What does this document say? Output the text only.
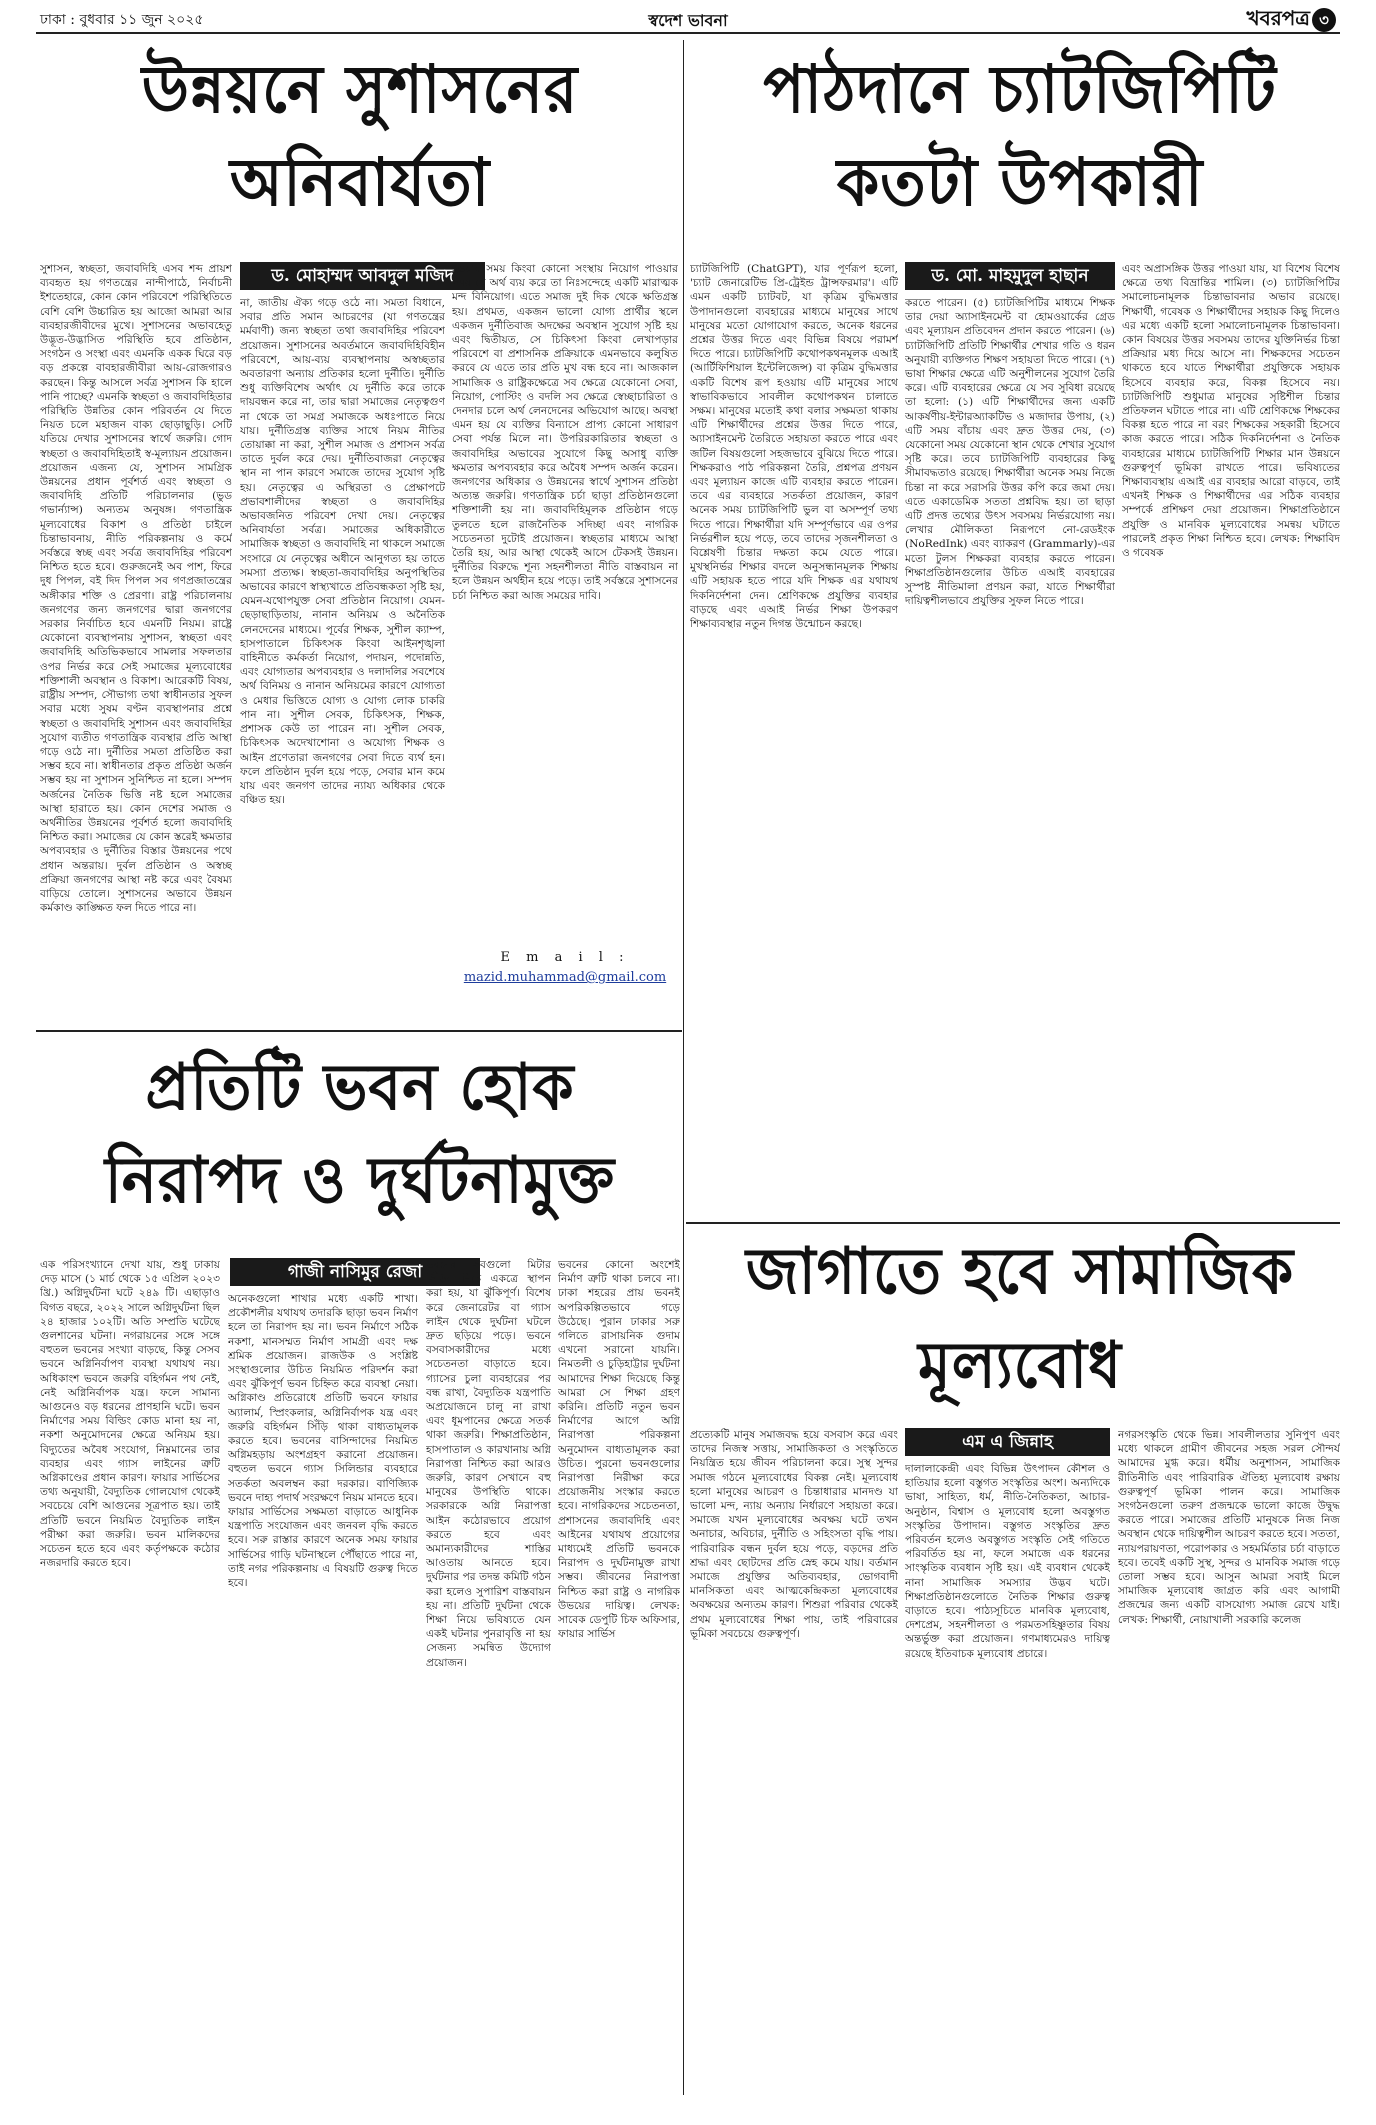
ঢাকা : বুধবার ১১ জুন ২০২৫	স্বদেশ ভাবনা	খবরপত্র ৩
উন্নয়নে সুশাসনের
অনিবার্যতা
ড. মোহাম্মদ আবদুল মজিদ
সুশাসন, স্বচ্ছতা, জবাবদিহি এসব শব্দ প্রায়শ ব্যবহৃত হয় গণতন্ত্রের নান্দীপাঠে, নির্বাচনী ইশতেহারে, কোন কোন পরিবেশে পরিস্থিতিতে বেশি বেশি উচ্চারিত হয় আজো আমরা আর ব্যবহারজীবীদের মুখে। সুশাসনের অভাবহেতু উদ্ভূত-উদ্ভাসিত পরিস্থিতি হবে প্রতিষ্ঠান, সংগঠন ও সংস্থা এবং এমনকি একক ঘিরে বড় বড় প্রকল্পে বাবহারজীবীরা আয়-রোজগারও করছেন। কিন্তু আসলে সর্বত্র সুশাসন কি হালে পানি পাচ্ছে? এমনকি স্বচ্ছতা ও জবাবদিহিতার পরিস্থিতি উন্নতির কোন পরিবর্তন যে দিতে নিয়ত চলে মহাজন বাক্য ছোড়াছুড়ি। সেটি যতিয়ে দেখার সুশাসনের স্বার্থে জরুরি। গোদ স্বচ্ছতা ও জবাবদিহিতাই স্ব-মূল্যায়ন প্রয়োজন। প্রয়োজন এজন্য যে, সুশাসন সামগ্রিক উন্নয়নের প্রধান পূর্বশর্ত এবং স্বচ্ছতা ও জবাবদিহি প্রতিটি পরিচালনার (ভুড গভার্ন্যান্স) অন্যতম অনুষঙ্গ। গণতান্ত্রিক মূল্যবোধের বিকাশ ও প্রতিষ্ঠা চাইলে চিন্তাভাবনায়, নীতি পরিকল্পনায় ও কর্মে সর্বস্তরে স্বচ্ছ এবং সর্বত্র জবাবদিহির পরিবেশ নিশ্চিত হতে হবে। গুরুজনেই অব পাশ, ফিরে দুধ পিপল, বই দিদ পিপল সব গণপ্রজাতন্ত্রের অঙ্গীকার শক্তি ও প্রেরণা। রাষ্ট্র পরিচালনায় জনগণের জন্য জনগণের দ্বারা জনগণের সরকার নির্বাচিত হবে এমনটি নিয়ম। রাষ্ট্রে যেকোনো ব্যবস্থাপনায় সুশাসন, স্বচ্ছতা এবং জবাবদিহি অতিভিকভাবে সামলার সফলতার ওপর নির্ভর করে সেই সমাজের মূল্যবোধের শক্তিশালী অবস্থান ও বিকাশ। আরেকটি বিষয়, রাষ্ট্রীয় সম্পদ, সৌভাগ্য তথা স্বাধীনতার সুফল সবার মধ্যে সুষম বণ্টন ব্যবস্থাপনার প্রশ্নে স্বচ্ছতা ও জবাবদিহি সুশাসন এবং জবাবদিহির সুযোগ ব্যতীত গণতান্ত্রিক ব্যবস্থার প্রতি আস্থা গড়ে ওঠে না। দুর্নীতির সমতা প্রতিষ্ঠিত করা সম্ভব হবে না। স্বাধীনতার প্রকৃত প্রতিষ্ঠা অর্জন সম্ভব হয় না সুশাসন সুনিশ্চিত না হলে। সম্পদ অর্জনের নৈতিক ভিত্তি নষ্ট হলে সমাজের আস্থা হারাতে হয়। কোন দেশের সমাজ ও অর্থনীতির উন্নয়নের পূর্বশর্ত হলো জবাবদিহি নিশ্চিত করা। সমাজের যে কোন স্তরেই ক্ষমতার অপব্যবহার ও দুর্নীতির বিস্তার উন্নয়নের পথে প্রধান অন্তরায়। দুর্বল প্রতিষ্ঠান ও অস্বচ্ছ প্রক্রিয়া জনগণের আস্থা নষ্ট করে এবং বৈষম্য বাড়িয়ে তোলে। সুশাসনের অভাবে উন্নয়ন কর্মকাণ্ড কাঙ্ক্ষিত ফল দিতে পারে না।
না, জাতীয় ঐক্য গড়ে ওঠে না। সমতা বিধানে, সবার প্রতি সমান আচরণের (যা গণতন্ত্রের মর্মবাণী) জন্য স্বচ্ছতা তথা জবাবদিহির পরিবেশ প্রয়োজন। সুশাসনের অবর্তমানে জবাবদিহিবিহীন পরিবেশে, আয়-ব্যয় ব্যবস্থাপনায় অস্বচ্ছতার অবতারণা অন্যায় প্রতিকার হলো দুর্নীতি। দুর্নীতি শুধু ব্যক্তিবিশেষ অর্থাৎ যে দুর্নীতি করে তাকে দায়বন্ধন করে না, তার দ্বারা সমাজের নেতৃত্বগুণ না থেকে তা সমগ্র সমাজকে অধঃপাতে নিয়ে যায়। দুর্নীতিগ্রস্ত ব্যক্তির সাথে নিয়ম নীতির তোয়াক্কা না করা, সুশীল সমাজ ও প্রশাসন সর্বত্র তাতে দুর্বল করে দেয়। দুর্নীতিবাজরা নেতৃত্বের স্থান না পান কারণে সমাজে তাদের সুযোগ সৃষ্টি হয়। নেতৃত্বের এ অস্থিরতা ও প্রেক্ষাপটে প্রভাবশালীদের স্বচ্ছতা ও জবাবদিহির অভাবজনিত পরিবেশ দেখা দেয়। নেতৃত্বের অনিবার্যতা সর্বত্র। সমাজের অধিকারীতে সামাজিক স্বচ্ছতা ও জবাবদিহি না থাকলে সমাজে সংসারে যে নেতৃত্বের অধীনে আনুগত্য হয় তাতে সমস্যা প্রত্যক্ষ। স্বচ্ছতা-জবাবদিহির অনুপস্থিতির অভাবের কারণে স্বাস্থ্যখাতে প্রতিবন্ধকতা সৃষ্টি হয়, যেমন-যথোপযুক্ত সেবা প্রতিষ্ঠান নিয়োগ। যেমন- ছেড়াছাড়িতায়, নানান অনিয়ম ও অনৈতিক লেনদেনের মাধ্যমে। পূর্বের শিক্ষক, সুশীল ক্যাম্প, হাসপাতালে চিকিৎসক কিংবা আইনশৃঙ্খলা বাহিনীতে কর্মকর্তা নিয়োগ, পদায়ন, পদোন্নতি, এবং যোগ্যতার অপব্যবহার ও দলাদলির সবশেষে অর্থ বিনিময় ও নানান অনিয়মের কারণে যোগ্যতা ও মেধার ভিত্তিতে যোগ্য ও যোগ্য লোক চাকরি পান না। সুশীল সেবক, চিকিৎসক, শিক্ষক, প্রশাসক কেউ তা পারেন না। সুশীল সেবক, চিকিৎসক অদেখাশোনা ও অযোগ্য শিক্ষক ও আইন প্রণেতারা জনগণের সেবা দিতে ব্যর্থ হন। ফলে প্রতিষ্ঠান দুর্বল হয়ে পড়ে, সেবার মান কমে যায় এবং জনগণ তাদের ন্যায্য অধিকার থেকে বঞ্চিত হয়।
হওয়ার সময় কিংবা কোনো সংস্থায় নিয়োগ পাওয়ার সময় যে অর্থ ব্যয় করে তা নিঃসন্দেহে একটি মারাত্মক মন্দ বিনিয়োগ। এতে সমাজ দুই দিক থেকে ক্ষতিগ্রস্ত হয়। প্রথমত, একজন ভালো যোগ্য প্রার্থীর স্থলে একজন দুর্নীতিবাজ অদক্ষের অবস্থান সুযোগ সৃষ্টি হয় এবং দ্বিতীয়ত, সে চিকিৎসা কিংবা লেখাপড়ার পরিবেশে বা প্রশাসনিক প্রক্রিয়াকে এমনভাবে কলুষিত করবে যে এতে তার প্রতি মুখ বন্ধ হবে না। আজকাল সামাজিক ও রাষ্ট্রিকক্ষেত্রে সব ক্ষেত্রে যেকোনো সেবা, নিয়োগ, পোস্টিং ও বদলি সব ক্ষেত্রে স্বেচ্ছাচারিতা ও দেনদার চলে অর্থ লেনদেনের অভিযোগ আছে। অবস্থা এমন হয় যে ব্যক্তির বিন্যাসে প্রাপ্য কোনো সাধারণ সেবা পর্যন্ত মিলে না। উপরিরকারিতার স্বচ্ছতা ও জবাবদিহির অভাবের সুযোগে কিছু অসাধু ব্যক্তি ক্ষমতার অপব্যবহার করে অবৈধ সম্পদ অর্জন করেন। জনগণের অধিকার ও উন্নয়নের স্বার্থে সুশাসন প্রতিষ্ঠা অত্যন্ত জরুরি। গণতান্ত্রিক চর্চা ছাড়া প্রতিষ্ঠানগুলো শক্তিশালী হয় না। জবাবদিহিমূলক প্রতিষ্ঠান গড়ে তুলতে হলে রাজনৈতিক সদিচ্ছা এবং নাগরিক সচেতনতা দুটোই প্রয়োজন। স্বচ্ছতার মাধ্যমে আস্থা তৈরি হয়, আর আস্থা থেকেই আসে টেকসই উন্নয়ন। দুর্নীতির বিরুদ্ধে শূন্য সহনশীলতা নীতি বাস্তবায়ন না হলে উন্নয়ন অর্থহীন হয়ে পড়ে। তাই সর্বস্তরে সুশাসনের চর্চা নিশ্চিত করা আজ সময়ের দাবি।
E m a i l :
mazid.muhammad@gmail.com
প্রতিটি ভবন হোক
নিরাপদ ও দুর্ঘটনামুক্ত
গাজী নাসিমুর রেজা
এক পরিসংখ্যানে দেখা যায়, শুধু ঢাকায় দেড় মাসে (১ মার্চ থেকে ১৫ এপ্রিল ২০২৩ খ্রি.) অগ্নিদুর্ঘটনা ঘটে ২৪৯ টি। এছাড়াও বিগত বছরে, ২০২২ সালে অগ্নিদুর্ঘটনা ছিল ২৪ হাজার ১০২টি। অতি সম্প্রতি ঘটেছে গুলশানের ঘটনা। নগরায়নের সঙ্গে সঙ্গে বহুতল ভবনের সংখ্যা বাড়ছে, কিন্তু সেসব ভবনে অগ্নিনির্বাপণ ব্যবস্থা যথাযথ নয়। অধিকাংশ ভবনে জরুরি বহির্গমন পথ নেই, নেই অগ্নিনির্বাপক যন্ত্র। ফলে সামান্য আগুনেও বড় ধরনের প্রাণহানি ঘটে। ভবন নির্মাণের সময় বিল্ডিং কোড মানা হয় না, নকশা অনুমোদনের ক্ষেত্রে অনিয়ম হয়। বিদ্যুতের অবৈধ সংযোগ, নিম্নমানের তার ব্যবহার এবং গ্যাস লাইনের ত্রুটি অগ্নিকাণ্ডের প্রধান কারণ। ফায়ার সার্ভিসের তথ্য অনুযায়ী, বৈদ্যুতিক গোলযোগ থেকেই সবচেয়ে বেশি আগুনের সূত্রপাত হয়। তাই প্রতিটি ভবনে নিয়মিত বৈদ্যুতিক লাইন পরীক্ষা করা জরুরি। ভবন মালিকদের সচেতন হতে হবে এবং কর্তৃপক্ষকে কঠোর নজরদারি করতে হবে।
অনেকগুলো শাখার মধ্যে একটি শাখা। প্রকৌশলীর যথাযথ তদারকি ছাড়া ভবন নির্মাণ হলে তা নিরাপদ হয় না। ভবন নির্মাণে সঠিক নকশা, মানসম্মত নির্মাণ সামগ্রী এবং দক্ষ শ্রমিক প্রয়োজন। রাজউক ও সংশ্লিষ্ট সংস্থাগুলোর উচিত নিয়মিত পরিদর্শন করা এবং ঝুঁকিপূর্ণ ভবন চিহ্নিত করে ব্যবস্থা নেয়া। অগ্নিকাণ্ড প্রতিরোধে প্রতিটি ভবনে ফায়ার অ্যালার্ম, স্প্রিংকলার, অগ্নিনির্বাপক যন্ত্র এবং জরুরি বহির্গমন সিঁড়ি থাকা বাধ্যতামূলক করতে হবে। ভবনের বাসিন্দাদের নিয়মিত অগ্নিমহড়ায় অংশগ্রহণ করানো প্রয়োজন। বহুতল ভবনে গ্যাস সিলিন্ডার ব্যবহারে সতর্কতা অবলম্বন করা দরকার। বাণিজ্যিক ভবনে দাহ্য পদার্থ সংরক্ষণে নিয়ম মানতে হবে। ফায়ার সার্ভিসের সক্ষমতা বাড়াতে আধুনিক যন্ত্রপাতি সংযোজন এবং জনবল বৃদ্ধি করতে হবে। সরু রাস্তার কারণে অনেক সময় ফায়ার সার্ভিসের গাড়ি ঘটনাস্থলে পৌঁছাতে পারে না, তাই নগর পরিকল্পনায় এ বিষয়টি গুরুত্ব দিতে হবে।
ভবনের সবগুলো মিটার সিঁড়ির নিচে একত্রে স্থাপন করা হয়, যা ঝুঁকিপূর্ণ। বিশেষ করে জেনারেটর বা গ্যাস লাইন থেকে দুর্ঘটনা ঘটলে দ্রুত ছড়িয়ে পড়ে। ভবনে বসবাসকারীদের মধ্যে সচেতনতা বাড়াতে হবে। গ্যাসের চুলা ব্যবহারের পর বন্ধ রাখা, বৈদ্যুতিক যন্ত্রপাতি অপ্রয়োজনে চালু না রাখা এবং ধূমপানের ক্ষেত্রে সতর্ক থাকা জরুরি। শিক্ষাপ্রতিষ্ঠান, হাসপাতাল ও কারখানায় অগ্নি নিরাপত্তা নিশ্চিত করা আরও জরুরি, কারণ সেখানে বহু মানুষের উপস্থিতি থাকে। সরকারকে অগ্নি নিরাপত্তা আইন কঠোরভাবে প্রয়োগ করতে হবে এবং অমান্যকারীদের শাস্তির আওতায় আনতে হবে। দুর্ঘটনার পর তদন্ত কমিটি গঠন করা হলেও সুপারিশ বাস্তবায়ন হয় না। প্রতিটি দুর্ঘটনা থেকে শিক্ষা নিয়ে ভবিষ্যতে যেন একই ঘটনার পুনরাবৃত্তি না হয় সেজন্য সমন্বিত উদ্যোগ প্রয়োজন।
ভবনের কোনো অংশেই নির্মাণ ত্রুটি থাকা চলবে না। ঢাকা শহরের প্রায় ভবনই অপরিকল্পিতভাবে গড়ে উঠেছে। পুরান ঢাকার সরু গলিতে রাসায়নিক গুদাম এখনো সরানো যায়নি। নিমতলী ও চুড়িহাট্টার দুর্ঘটনা আমাদের শিক্ষা দিয়েছে কিন্তু আমরা সে শিক্ষা গ্রহণ করিনি। প্রতিটি নতুন ভবন নির্মাণের আগে অগ্নি নিরাপত্তা পরিকল্পনা অনুমোদন বাধ্যতামূলক করা উচিত। পুরনো ভবনগুলোর নিরাপত্তা নিরীক্ষা করে প্রয়োজনীয় সংস্কার করতে হবে। নাগরিকদের সচেতনতা, প্রশাসনের জবাবদিহি এবং আইনের যথাযথ প্রয়োগের মাধ্যমেই প্রতিটি ভবনকে নিরাপদ ও দুর্ঘটনামুক্ত রাখা সম্ভব। জীবনের নিরাপত্তা নিশ্চিত করা রাষ্ট্র ও নাগরিক উভয়ের দায়িত্ব। লেখক: সাবেক ডেপুটি চিফ অফিসার, ফায়ার সার্ভিস
পাঠদানে চ্যাটজিপিটি
কতটা উপকারী
ড. মো. মাহমুদুল হাছান
চ্যাটজিপিটি (ChatGPT), যার পূর্ণরূপ হলো, 'চ্যাট জেনারেটিভ প্রি-ট্রেইন্ড ট্রান্সফরমার'। এটি এমন একটি চ্যাটবট, যা কৃত্রিম বুদ্ধিমত্তার উপাদানগুলো ব্যবহারের মাধ্যমে মানুষের সাথে মানুষের মতো যোগাযোগ করতে, অনেক ধরনের প্রশ্নের উত্তর দিতে এবং বিভিন্ন বিষয়ে পরামর্শ দিতে পারে। চ্যাটজিপিটি কথোপকথনমূলক এআই (আর্টিফিশিয়াল ইন্টেলিজেন্স) বা কৃত্রিম বুদ্ধিমত্তার একটি বিশেষ রূপ হওয়ায় এটি মানুষের সাথে স্বাভাবিকভাবে সাবলীল কথোপকথন চালাতে সক্ষম। মানুষের মতোই কথা বলার সক্ষমতা থাকায় এটি শিক্ষার্থীদের প্রশ্নের উত্তর দিতে পারে, অ্যাসাইনমেন্ট তৈরিতে সহায়তা করতে পারে এবং জটিল বিষয়গুলো সহজভাবে বুঝিয়ে দিতে পারে। শিক্ষকরাও পাঠ পরিকল্পনা তৈরি, প্রশ্নপত্র প্রণয়ন এবং মূল্যায়ন কাজে এটি ব্যবহার করতে পারেন। তবে এর ব্যবহারে সতর্কতা প্রয়োজন, কারণ অনেক সময় চ্যাটজিপিটি ভুল বা অসম্পূর্ণ তথ্য দিতে পারে। শিক্ষার্থীরা যদি সম্পূর্ণভাবে এর ওপর নির্ভরশীল হয়ে পড়ে, তবে তাদের সৃজনশীলতা ও বিশ্লেষণী চিন্তার দক্ষতা কমে যেতে পারে। মুখস্থনির্ভর শিক্ষার বদলে অনুসন্ধানমূলক শিক্ষায় এটি সহায়ক হতে পারে যদি শিক্ষক এর যথাযথ দিকনির্দেশনা দেন। শ্রেণিকক্ষে প্রযুক্তির ব্যবহার বাড়ছে এবং এআই নির্ভর শিক্ষা উপকরণ শিক্ষাব্যবস্থার নতুন দিগন্ত উন্মোচন করছে।
করতে পারেন। (৫) চ্যাটজিপিটির মাধ্যমে শিক্ষক তার দেয়া অ্যাসাইনমেন্ট বা হোমওয়ার্কের গ্রেড এবং মূল্যায়ন প্রতিবেদন প্রদান করতে পারেন। (৬) চ্যাটজিপিটি প্রতিটি শিক্ষার্থীর শেখার গতি ও ধরন অনুযায়ী ব্যক্তিগত শিক্ষণ সহায়তা দিতে পারে। (৭) ভাষা শিক্ষার ক্ষেত্রে এটি অনুশীলনের সুযোগ তৈরি করে। এটি ব্যবহারের ক্ষেত্রে যে সব সুবিধা রয়েছে তা হলো: (১) এটি শিক্ষার্থীদের জন্য একটি আকর্ষণীয়-ইন্টারঅ্যাকটিভ ও মজাদার উপায়, (২) এটি সময় বাঁচায় এবং দ্রুত উত্তর দেয়, (৩) যেকোনো সময় যেকোনো স্থান থেকে শেখার সুযোগ সৃষ্টি করে। তবে চ্যাটজিপিটি ব্যবহারের কিছু সীমাবদ্ধতাও রয়েছে। শিক্ষার্থীরা অনেক সময় নিজে চিন্তা না করে সরাসরি উত্তর কপি করে জমা দেয়। এতে একাডেমিক সততা প্রশ্নবিদ্ধ হয়। তা ছাড়া এটি প্রদত্ত তথ্যের উৎস সবসময় নির্ভরযোগ্য নয়। লেখার মৌলিকতা নিরূপণে নো-রেডইংক (NoRedInk) এবং ব্যাকরণ (Grammarly)-এর মতো টুলস শিক্ষকরা ব্যবহার করতে পারেন। শিক্ষাপ্রতিষ্ঠানগুলোর উচিত এআই ব্যবহারের সুস্পষ্ট নীতিমালা প্রণয়ন করা, যাতে শিক্ষার্থীরা দায়িত্বশীলভাবে প্রযুক্তির সুফল নিতে পারে।
এবং অপ্রাসঙ্গিক উত্তর পাওয়া যায়, যা বিশেষ বিশেষ ক্ষেত্রে তথ্য বিভ্রান্তির শামিল। (৩) চ্যাটজিপিটির সমালোচনামূলক চিন্তাভাবনার অভাব রয়েছে। শিক্ষার্থী, গবেষক ও শিক্ষার্থীদের সহায়ক কিছু দিলেও এর মধ্যে একটি হলো সমালোচনামূলক চিন্তাভাবনা। কোন বিষয়ের উত্তর সবসময় তাদের যুক্তিনির্ভর চিন্তা প্রক্রিয়ার মধ্য দিয়ে আসে না। শিক্ষকদের সচেতন থাকতে হবে যাতে শিক্ষার্থীরা প্রযুক্তিকে সহায়ক হিসেবে ব্যবহার করে, বিকল্প হিসেবে নয়। চ্যাটজিপিটি শুধুমাত্র মানুষের সৃষ্টিশীল চিন্তার প্রতিফলন ঘটাতে পারে না। এটি শ্রেণিকক্ষে শিক্ষকের বিকল্প হতে পারে না বরং শিক্ষকের সহকারী হিসেবে কাজ করতে পারে। সঠিক দিকনির্দেশনা ও নৈতিক ব্যবহারের মাধ্যমে চ্যাটজিপিটি শিক্ষার মান উন্নয়নে গুরুত্বপূর্ণ ভূমিকা রাখতে পারে। ভবিষ্যতের শিক্ষাব্যবস্থায় এআই এর ব্যবহার আরো বাড়বে, তাই এখনই শিক্ষক ও শিক্ষার্থীদের এর সঠিক ব্যবহার সম্পর্কে প্রশিক্ষণ দেয়া প্রয়োজন। শিক্ষাপ্রতিষ্ঠানে প্রযুক্তি ও মানবিক মূল্যবোধের সমন্বয় ঘটাতে পারলেই প্রকৃত শিক্ষা নিশ্চিত হবে। লেখক: শিক্ষাবিদ ও গবেষক
জাগাতে হবে সামাজিক
মূল্যবোধ
এম এ জিন্নাহ
প্রত্যেকটি মানুষ সমাজবদ্ধ হয়ে বসবাস করে এবং তাদের নিজস্ব সত্তায়, সামাজিকতা ও সংস্কৃতিতে নিয়ন্ত্রিত হয়ে জীবন পরিচালনা করে। সুস্থ সুন্দর সমাজ গঠনে মূল্যবোধের বিকল্প নেই। মূল্যবোধ হলো মানুষের আচরণ ও চিন্তাধারার মানদণ্ড যা ভালো মন্দ, ন্যায় অন্যায় নির্ধারণে সহায়তা করে। সমাজে যখন মূল্যবোধের অবক্ষয় ঘটে তখন অনাচার, অবিচার, দুর্নীতি ও সহিংসতা বৃদ্ধি পায়। পারিবারিক বন্ধন দুর্বল হয়ে পড়ে, বড়দের প্রতি শ্রদ্ধা এবং ছোটদের প্রতি স্নেহ কমে যায়। বর্তমান সমাজে প্রযুক্তির অতিব্যবহার, ভোগবাদী মানসিকতা এবং আত্মকেন্দ্রিকতা মূল্যবোধের অবক্ষয়ের অন্যতম কারণ। শিশুরা পরিবার থেকেই প্রথম মূল্যবোধের শিক্ষা পায়, তাই পরিবারের ভূমিকা সবচেয়ে গুরুত্বপূর্ণ।
দালালাকেন্দ্রী এবং বিভিন্ন উৎপাদন কৌশল ও হাতিয়ার হলো বস্তুগত সংস্কৃতির অংশ। অন্যদিকে ভাষা, সাহিত্য, ধর্ম, নীতি-নৈতিকতা, আচার-অনুষ্ঠান, বিশ্বাস ও মূল্যবোধ হলো অবস্তুগত সংস্কৃতির উপাদান। বস্তুগত সংস্কৃতির দ্রুত পরিবর্তন হলেও অবস্তুগত সংস্কৃতি সেই গতিতে পরিবর্তিত হয় না, ফলে সমাজে এক ধরনের সাংস্কৃতিক ব্যবধান সৃষ্টি হয়। এই ব্যবধান থেকেই নানা সামাজিক সমস্যার উদ্ভব ঘটে। শিক্ষাপ্রতিষ্ঠানগুলোতে নৈতিক শিক্ষার গুরুত্ব বাড়াতে হবে। পাঠ্যসূচিতে মানবিক মূল্যবোধ, দেশপ্রেম, সহনশীলতা ও পরমতসহিষ্ণুতার বিষয় অন্তর্ভুক্ত করা প্রয়োজন। গণমাধ্যমেরও দায়িত্ব রয়েছে ইতিবাচক মূল্যবোধ প্রচারে।
নগরসংস্কৃতি থেকে ভিন্ন। সাবলীলতার সুনিপুণ এবং মধ্যে থাকলে গ্রামীণ জীবনের সহজ সরল সৌন্দর্য আমাদের মুগ্ধ করে। ধর্মীয় অনুশাসন, সামাজিক রীতিনীতি এবং পারিবারিক ঐতিহ্য মূল্যবোধ রক্ষায় গুরুত্বপূর্ণ ভূমিকা পালন করে। সামাজিক সংগঠনগুলো তরুণ প্রজন্মকে ভালো কাজে উদ্বুদ্ধ করতে পারে। সমাজের প্রতিটি মানুষকে নিজ নিজ অবস্থান থেকে দায়িত্বশীল আচরণ করতে হবে। সততা, ন্যায়পরায়ণতা, পরোপকার ও সহমর্মিতার চর্চা বাড়াতে হবে। তবেই একটি সুস্থ, সুন্দর ও মানবিক সমাজ গড়ে তোলা সম্ভব হবে। আসুন আমরা সবাই মিলে সামাজিক মূল্যবোধ জাগ্রত করি এবং আগামী প্রজন্মের জন্য একটি বাসযোগ্য সমাজ রেখে যাই। লেখক: শিক্ষার্থী, নোয়াখালী সরকারি কলেজ
